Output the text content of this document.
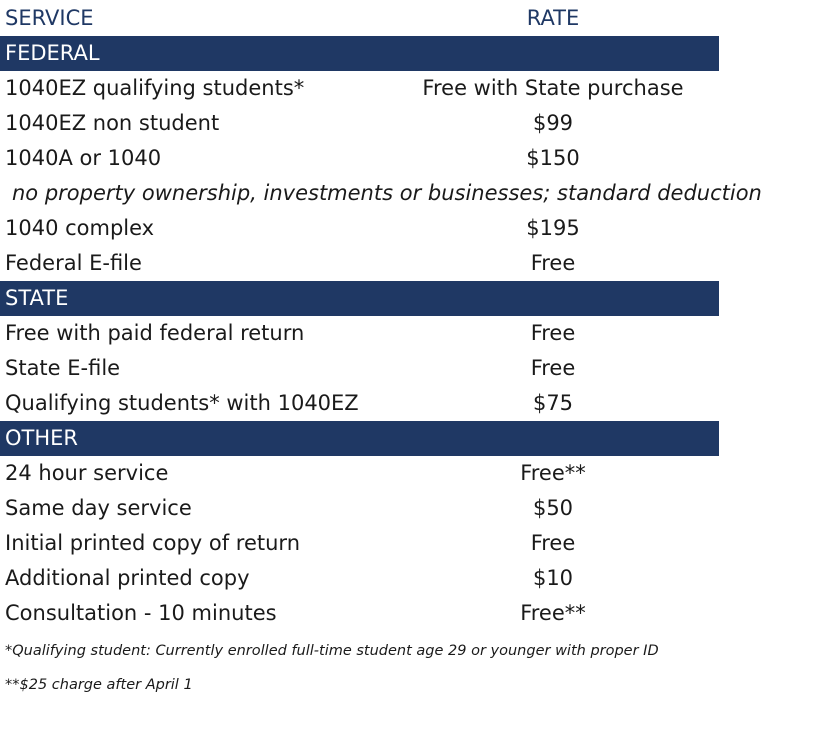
SERVICE	RATE
FEDERAL
1040EZ qualifying students*	Free with State purchase
1040EZ non student	$99
1040A or 1040	$150
no property ownership, investments or businesses; standard deduction
1040 complex	$195
Federal E-file	Free
STATE
Free with paid federal return	Free
State E-file	Free
Qualifying students* with 1040EZ	$75
OTHER
24 hour service	Free**
Same day service	$50
Initial printed copy of return	Free
Additional printed copy	$10
Consultation - 10 minutes	Free**
*Qualifying student: Currently enrolled full-time student age 29 or younger with proper ID
**$25 charge after April 1
